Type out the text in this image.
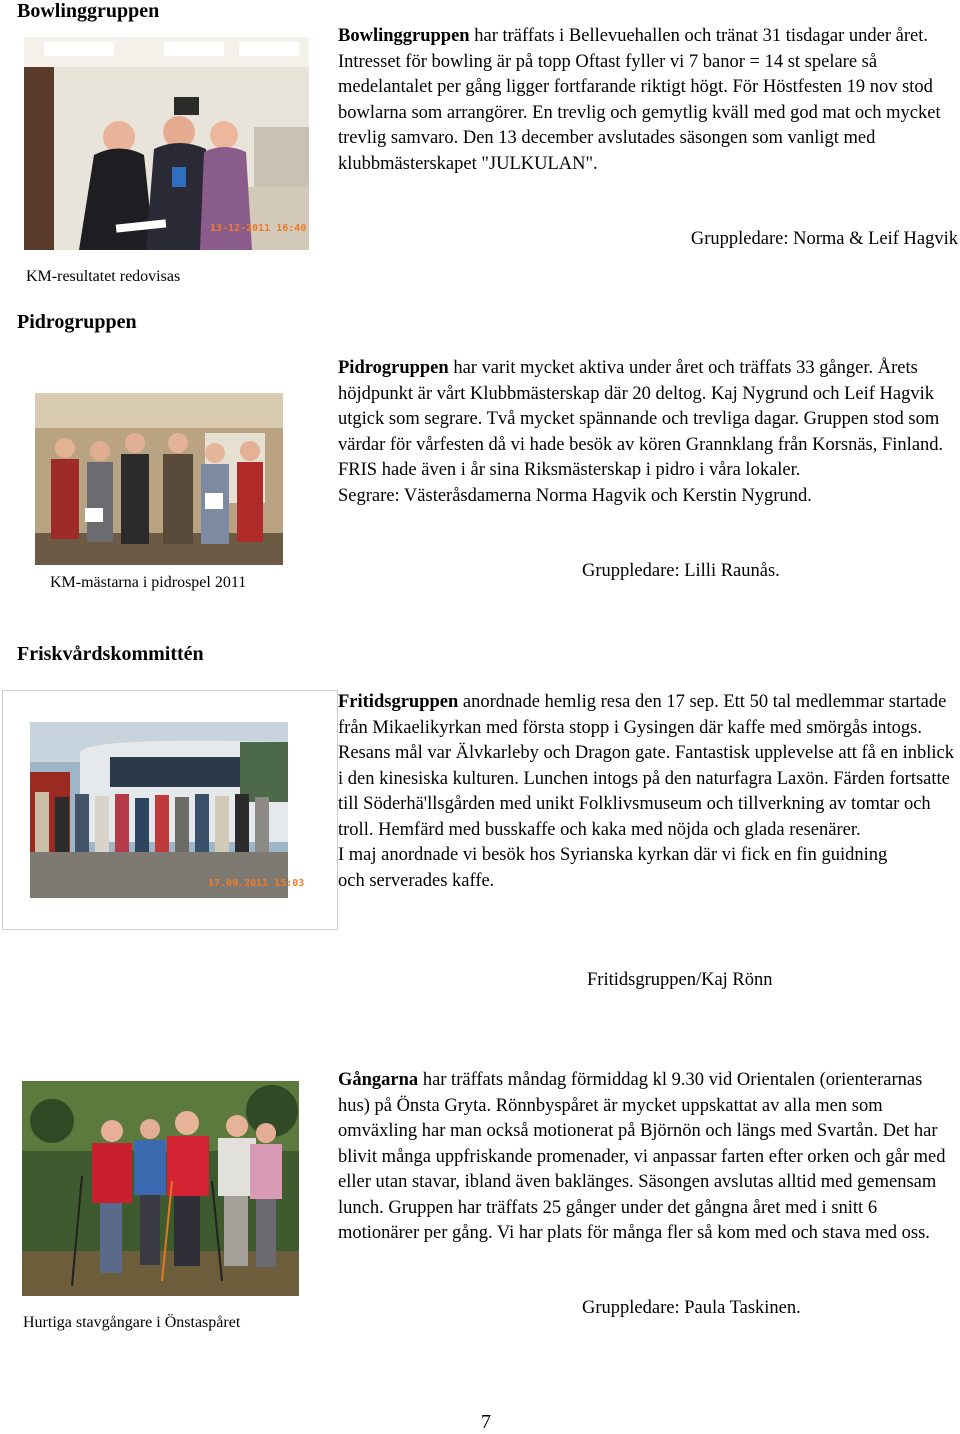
Bowlinggruppen
13-12-2011 16:40
Bowlinggruppen har träffats i Bellevuehallen och tränat 31 tisdagar under året. Intresset för bowling är på topp Oftast fyller vi 7 banor = 14 st spelare så medelantalet per gång ligger fortfarande riktigt högt. För Höstfesten 19 nov stod bowlarna som arrangörer. En trevlig och gemytlig kväll med god mat och mycket trevlig samvaro. Den 13 december avslutades säsongen som vanligt med klubbmästerskapet "JULKULAN".
Gruppledare: Norma & Leif Hagvik
KM-resultatet redovisas
Pidrogruppen
Pidrogruppen har varit mycket aktiva under året och träffats 33 gånger. Årets höjdpunkt är vårt Klubbmästerskap där 20 deltog. Kaj Nygrund och Leif Hagvik utgick som segrare. Två mycket spännande och trevliga dagar. Gruppen stod som värdar för vårfesten då vi hade besök av kören Grannklang från Korsnäs, Finland.
FRIS hade även i år sina Riksmästerskap i pidro i våra lokaler.
Segrare: Västeråsdamerna Norma Hagvik och Kerstin Nygrund.
Gruppledare: Lilli Raunås.
KM-mästarna i pidrospel 2011
Friskvårdskommittén
17.09.2011 15:03
Fritidsgruppen anordnade hemlig resa den 17 sep. Ett 50 tal medlemmar startade från Mikaelikyrkan med första stopp i Gysingen där kaffe med smörgås intogs. Resans mål var Älvkarleby och Dragon gate. Fantastisk upplevelse att få en inblick i den kinesiska kulturen. Lunchen intogs på den naturfagra Laxön. Färden fortsatte till Söderhä'llsgården med unikt Folklivsmuseum och tillverkning av tomtar och troll. Hemfärd med busskaffe och kaka med nöjda och glada resenärer.
I maj anordnade vi besök hos Syrianska kyrkan där vi fick en fin guidning och serverades kaffe.
Fritidsgruppen/Kaj Rönn
Gångarna har träffats måndag förmiddag kl 9.30 vid Orientalen (orienterarnas hus) på Önsta Gryta. Rönnbyspåret är mycket uppskattat av alla men som omväxling har man också motionerat på Björnön och längs med Svartån. Det har blivit många uppfriskande promenader, vi anpassar farten efter orken och går med eller utan stavar, ibland även baklänges. Säsongen avslutas alltid med gemensam lunch. Gruppen har träffats 25 gånger under det gångna året med i snitt 6 motionärer per gång. Vi har plats för många fler så kom med och stava med oss.
Gruppledare: Paula Taskinen.
Hurtiga stavgångare i Önstaspåret
7
